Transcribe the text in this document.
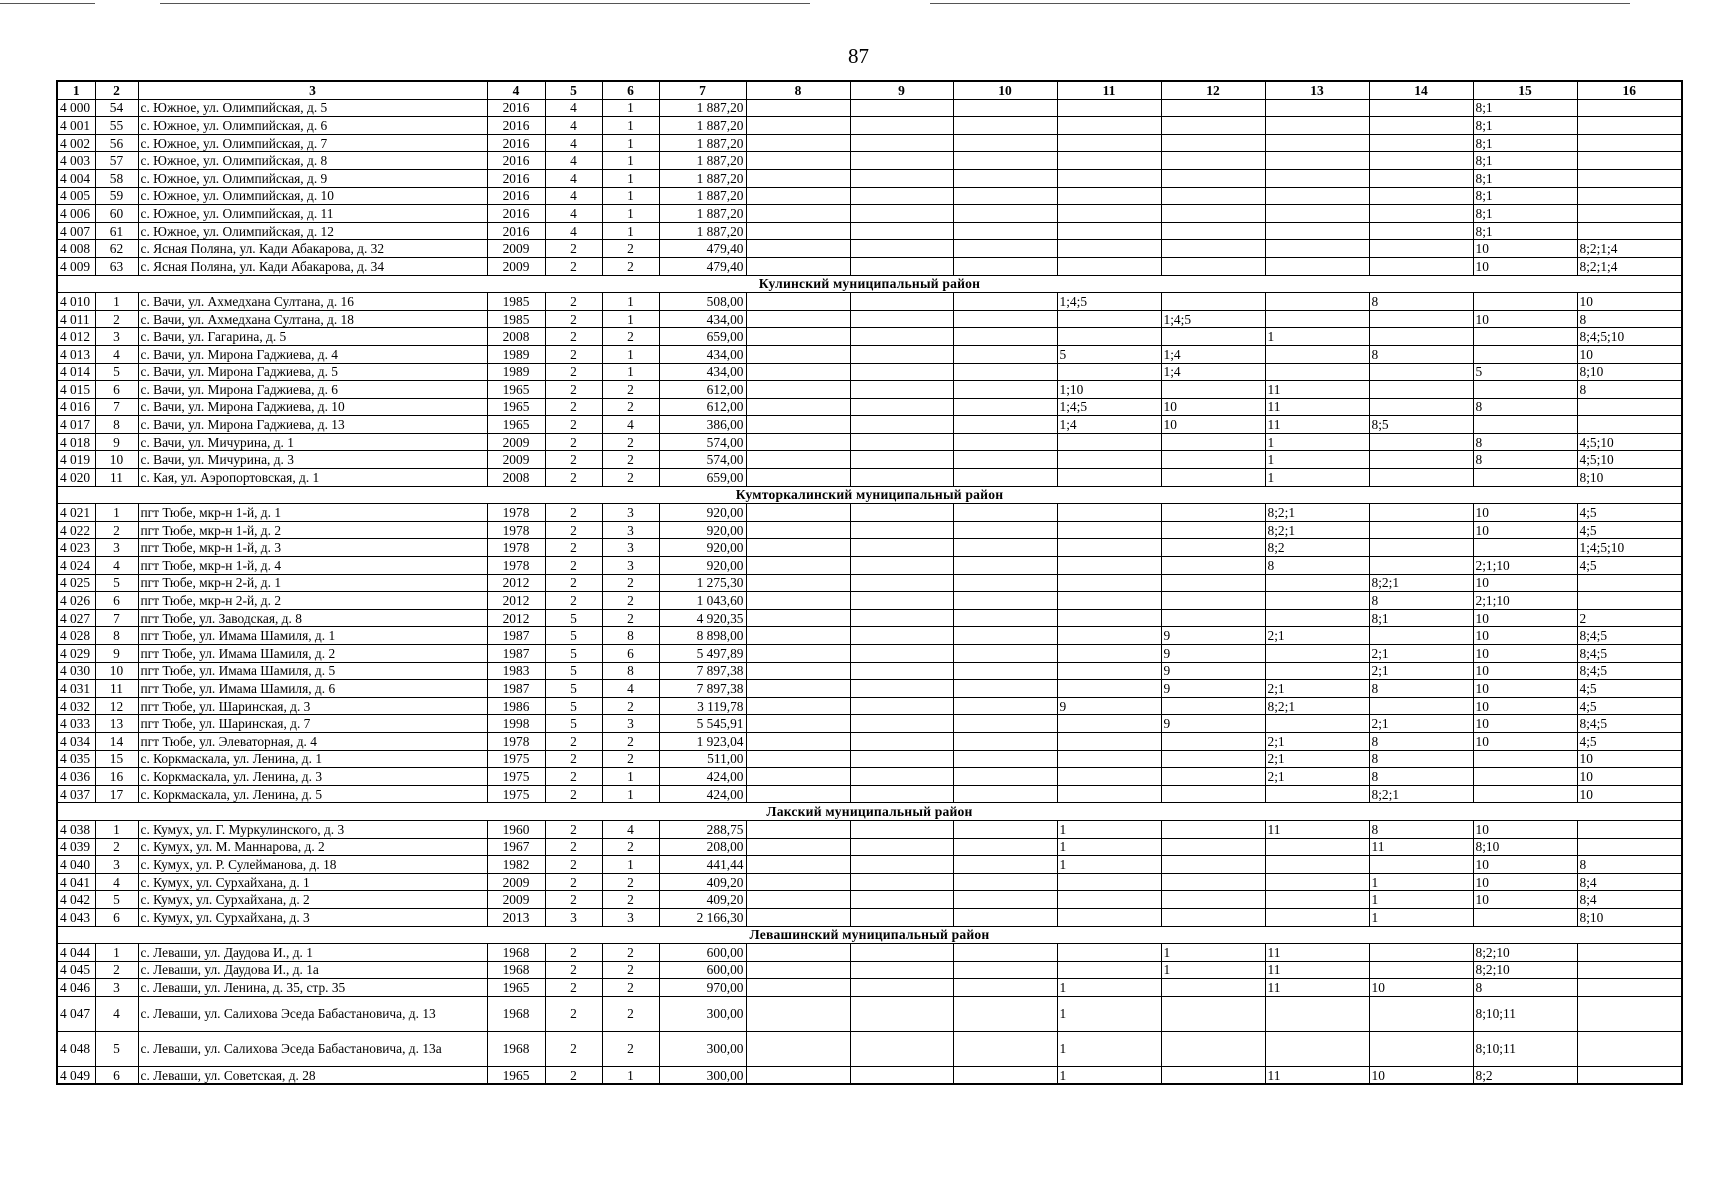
87
1	2	3	4	5	6	7	8	9	10	11	12	13	14	15	16
4 000	54	с. Южное, ул. Олимпийская, д. 5	2016	4	1	1 887,20								8;1	
4 001	55	с. Южное, ул. Олимпийская, д. 6	2016	4	1	1 887,20								8;1	
4 002	56	с. Южное, ул. Олимпийская, д. 7	2016	4	1	1 887,20								8;1	
4 003	57	с. Южное, ул. Олимпийская, д. 8	2016	4	1	1 887,20								8;1	
4 004	58	с. Южное, ул. Олимпийская, д. 9	2016	4	1	1 887,20								8;1	
4 005	59	с. Южное, ул. Олимпийская, д. 10	2016	4	1	1 887,20								8;1	
4 006	60	с. Южное, ул. Олимпийская, д. 11	2016	4	1	1 887,20								8;1	
4 007	61	с. Южное, ул. Олимпийская, д. 12	2016	4	1	1 887,20								8;1	
4 008	62	с. Ясная Поляна, ул. Кади Абакарова, д. 32	2009	2	2	479,40								10	8;2;1;4
4 009	63	с. Ясная Поляна, ул. Кади Абакарова, д. 34	2009	2	2	479,40								10	8;2;1;4
Кулинский муниципальный район															
4 010	1	с. Вачи, ул. Ахмедхана Султана, д. 16	1985	2	1	508,00				1;4;5			8		10
4 011	2	с. Вачи, ул. Ахмедхана Султана, д. 18	1985	2	1	434,00					1;4;5			10	8
4 012	3	с. Вачи, ул. Гагарина, д. 5	2008	2	2	659,00						1			8;4;5;10
4 013	4	с. Вачи, ул. Мирона Гаджиева, д. 4	1989	2	1	434,00				5	1;4		8		10
4 014	5	с. Вачи, ул. Мирона Гаджиева, д. 5	1989	2	1	434,00					1;4			5	8;10
4 015	6	с. Вачи, ул. Мирона Гаджиева, д. 6	1965	2	2	612,00				1;10		11			8
4 016	7	с. Вачи, ул. Мирона Гаджиева, д. 10	1965	2	2	612,00				1;4;5	10	11		8	
4 017	8	с. Вачи, ул. Мирона Гаджиева, д. 13	1965	2	4	386,00				1;4	10	11	8;5		
4 018	9	с. Вачи, ул. Мичурина, д. 1	2009	2	2	574,00						1		8	4;5;10
4 019	10	с. Вачи, ул. Мичурина, д. 3	2009	2	2	574,00						1		8	4;5;10
4 020	11	с. Кая, ул. Аэропортовская, д. 1	2008	2	2	659,00						1			8;10
Кумторкалинский муниципальный район															
4 021	1	пгт Тюбе, мкр-н 1-й, д. 1	1978	2	3	920,00						8;2;1		10	4;5
4 022	2	пгт Тюбе, мкр-н 1-й, д. 2	1978	2	3	920,00						8;2;1		10	4;5
4 023	3	пгт Тюбе, мкр-н 1-й, д. 3	1978	2	3	920,00						8;2			1;4;5;10
4 024	4	пгт Тюбе, мкр-н 1-й, д. 4	1978	2	3	920,00						8		2;1;10	4;5
4 025	5	пгт Тюбе, мкр-н 2-й, д. 1	2012	2	2	1 275,30							8;2;1	10	
4 026	6	пгт Тюбе, мкр-н 2-й, д. 2	2012	2	2	1 043,60							8	2;1;10	
4 027	7	пгт Тюбе, ул. Заводская, д. 8	2012	5	2	4 920,35							8;1	10	2
4 028	8	пгт Тюбе, ул. Имама Шамиля, д. 1	1987	5	8	8 898,00					9	2;1		10	8;4;5
4 029	9	пгт Тюбе, ул. Имама Шамиля, д. 2	1987	5	6	5 497,89					9		2;1	10	8;4;5
4 030	10	пгт Тюбе, ул. Имама Шамиля, д. 5	1983	5	8	7 897,38					9		2;1	10	8;4;5
4 031	11	пгт Тюбе, ул. Имама Шамиля, д. 6	1987	5	4	7 897,38					9	2;1	8	10	4;5
4 032	12	пгт Тюбе, ул. Шаринская, д. 3	1986	5	2	3 119,78				9		8;2;1		10	4;5
4 033	13	пгт Тюбе, ул. Шаринская, д. 7	1998	5	3	5 545,91					9		2;1	10	8;4;5
4 034	14	пгт Тюбе, ул. Элеваторная, д. 4	1978	2	2	1 923,04						2;1	8	10	4;5
4 035	15	с. Коркмаскала, ул. Ленина, д. 1	1975	2	2	511,00						2;1	8		10
4 036	16	с. Коркмаскала, ул. Ленина, д. 3	1975	2	1	424,00						2;1	8		10
4 037	17	с. Коркмаскала, ул. Ленина, д. 5	1975	2	1	424,00							8;2;1		10
Лакский муниципальный район															
4 038	1	с. Кумух, ул. Г. Муркулинского, д. 3	1960	2	4	288,75				1		11	8	10	
4 039	2	с. Кумух, ул. М. Маннарова, д. 2	1967	2	2	208,00				1			11	8;10	
4 040	3	с. Кумух, ул. Р. Сулейманова, д. 18	1982	2	1	441,44				1				10	8
4 041	4	с. Кумух, ул. Сурхайхана, д. 1	2009	2	2	409,20							1	10	8;4
4 042	5	с. Кумух, ул. Сурхайхана, д. 2	2009	2	2	409,20							1	10	8;4
4 043	6	с. Кумух, ул. Сурхайхана, д. 3	2013	3	3	2 166,30							1		8;10
Левашинский муниципальный район															
4 044	1	с. Леваши, ул. Даудова И., д. 1	1968	2	2	600,00					1	11		8;2;10	
4 045	2	с. Леваши, ул. Даудова И., д. 1а	1968	2	2	600,00					1	11		8;2;10	
4 046	3	с. Леваши, ул. Ленина, д. 35, стр. 35	1965	2	2	970,00				1		11	10	8	
4 047	4	с. Леваши, ул. Салихова Эседа Бабастановича, д. 13	1968	2	2	300,00				1				8;10;11	
4 048	5	с. Леваши, ул. Салихова Эседа Бабастановича, д. 13а	1968	2	2	300,00				1				8;10;11	
4 049	6	с. Леваши, ул. Советская, д. 28	1965	2	1	300,00				1		11	10	8;2	
